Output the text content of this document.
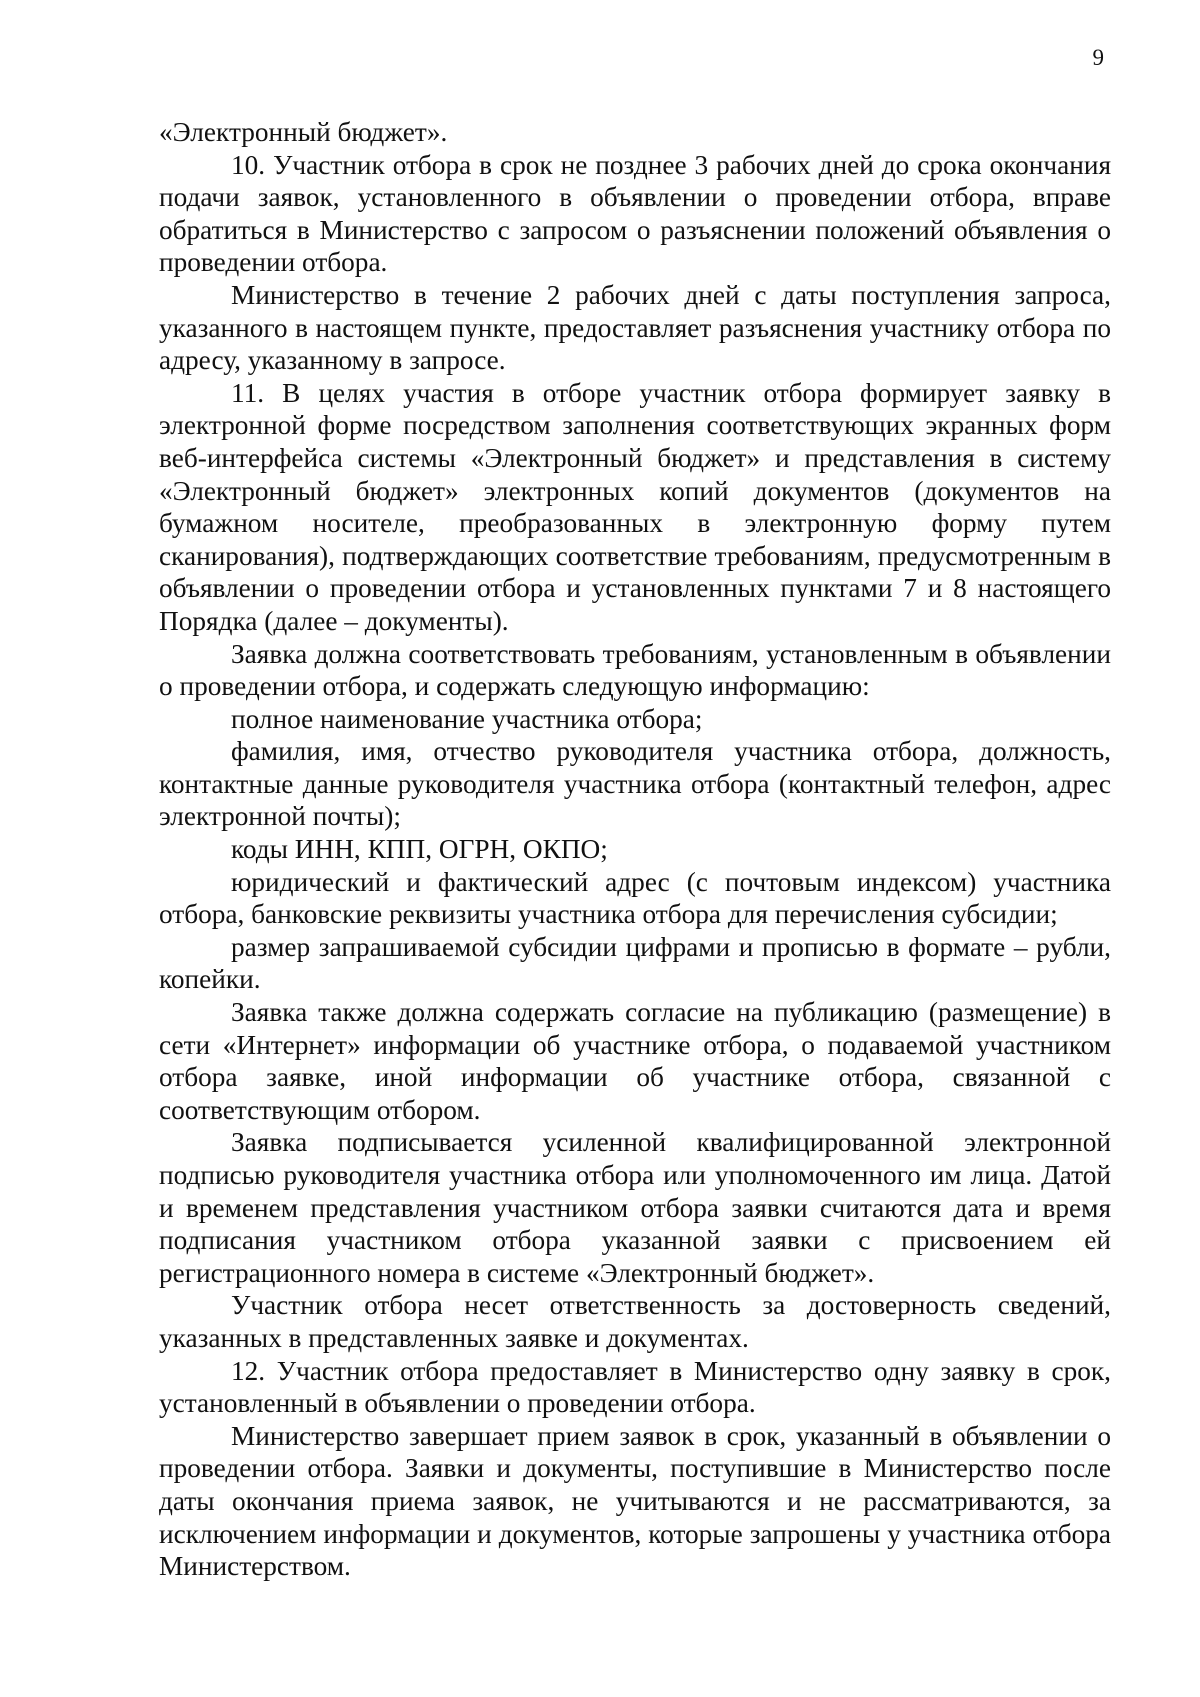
9

«Электронный бюджет».

10. Участник отбора в срок не позднее 3 рабочих дней до срока окончания подачи заявок, установленного в объявлении о проведении отбора, вправе обратиться в Министерство с запросом о разъяснении положений объявления о проведении отбора.

Министерство в течение 2 рабочих дней с даты поступления запроса, указанного в настоящем пункте, предоставляет разъяснения участнику отбора по адресу, указанному в запросе.

11. В целях участия в отборе участник отбора формирует заявку в электронной форме посредством заполнения соответствующих экранных форм веб-интерфейса системы «Электронный бюджет» и представления в систему «Электронный бюджет» электронных копий документов (документов на бумажном носителе, преобразованных в электронную форму путем сканирования), подтверждающих соответствие требованиям, предусмотренным в объявлении о проведении отбора и установленных пунктами 7 и 8 настоящего Порядка (далее – документы).

Заявка должна соответствовать требованиям, установленным в объявлении о проведении отбора, и содержать следующую информацию:

полное наименование участника отбора;

фамилия, имя, отчество руководителя участника отбора, должность, контактные данные руководителя участника отбора (контактный телефон, адрес электронной почты);

коды ИНН, КПП, ОГРН, ОКПО;

юридический и фактический адрес (с почтовым индексом) участника отбора, банковские реквизиты участника отбора для перечисления субсидии;

размер запрашиваемой субсидии цифрами и прописью в формате – рубли, копейки.

Заявка также должна содержать согласие на публикацию (размещение) в сети «Интернет» информации об участнике отбора, о подаваемой участником отбора заявке, иной информации об участнике отбора, связанной с соответствующим отбором.

Заявка подписывается усиленной квалифицированной электронной подписью руководителя участника отбора или уполномоченного им лица. Датой и временем представления участником отбора заявки считаются дата и время подписания участником отбора указанной заявки с присвоением ей регистрационного номера в системе «Электронный бюджет».

Участник отбора несет ответственность за достоверность сведений, указанных в представленных заявке и документах.

12. Участник отбора предоставляет в Министерство одну заявку в срок, установленный в объявлении о проведении отбора.

Министерство завершает прием заявок в срок, указанный в объявлении о проведении отбора. Заявки и документы, поступившие в Министерство после даты окончания приема заявок, не учитываются и не рассматриваются, за исключением информации и документов, которые запрошены у участника отбора Министерством.
